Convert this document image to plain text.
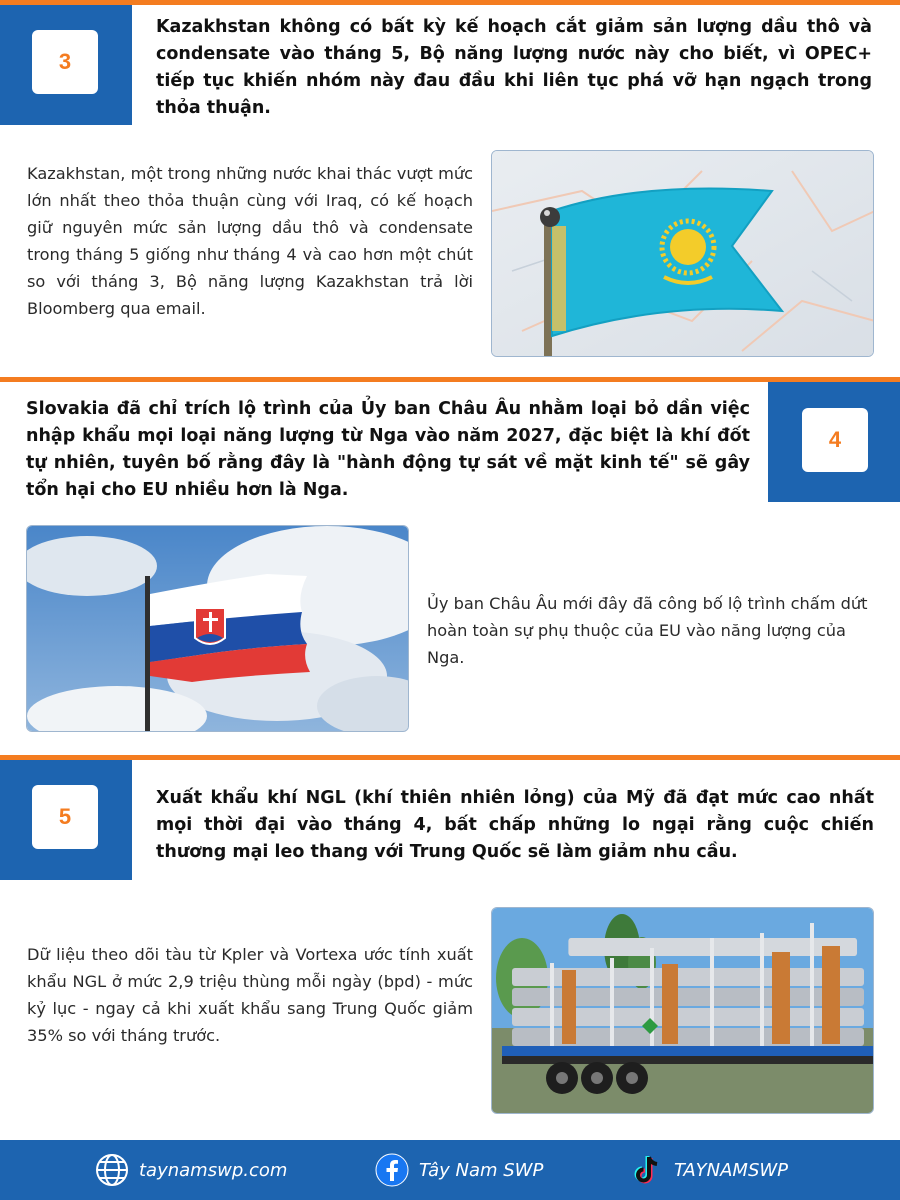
3
Kazakhstan không có bất kỳ kế hoạch cắt giảm sản lượng dầu thô và condensate vào tháng 5, Bộ năng lượng nước này cho biết, vì OPEC+ tiếp tục khiến nhóm này đau đầu khi liên tục phá vỡ hạn ngạch trong thỏa thuận.
Kazakhstan, một trong những nước khai thác vượt mức lớn nhất theo thỏa thuận cùng với Iraq, có kế hoạch giữ nguyên mức sản lượng dầu thô và condensate trong tháng 5 giống như tháng 4 và cao hơn một chút so với tháng 3, Bộ năng lượng Kazakhstan trả lời Bloomberg qua email.
4
Slovakia đã chỉ trích lộ trình của Ủy ban Châu Âu nhằm loại bỏ dần việc nhập khẩu mọi loại năng lượng từ Nga vào năm 2027, đặc biệt là khí đốt tự nhiên, tuyên bố rằng đây là "hành động tự sát về mặt kinh tế" sẽ gây tổn hại cho EU nhiều hơn là Nga.
Ủy ban Châu Âu mới đây đã công bố lộ trình chấm dứt hoàn toàn sự phụ thuộc của EU vào năng lượng của Nga.
5
Xuất khẩu khí NGL (khí thiên nhiên lỏng) của Mỹ đã đạt mức cao nhất mọi thời đại vào tháng 4, bất chấp những lo ngại rằng cuộc chiến thương mại leo thang với Trung Quốc sẽ làm giảm nhu cầu.
Dữ liệu theo dõi tàu từ Kpler và Vortexa ước tính xuất khẩu NGL ở mức 2,9 triệu thùng mỗi ngày (bpd) - mức kỷ lục - ngay cả khi xuất khẩu sang Trung Quốc giảm 35% so với tháng trước.
taynamswp.com	Tây Nam SWP	TAYNAMSWP
